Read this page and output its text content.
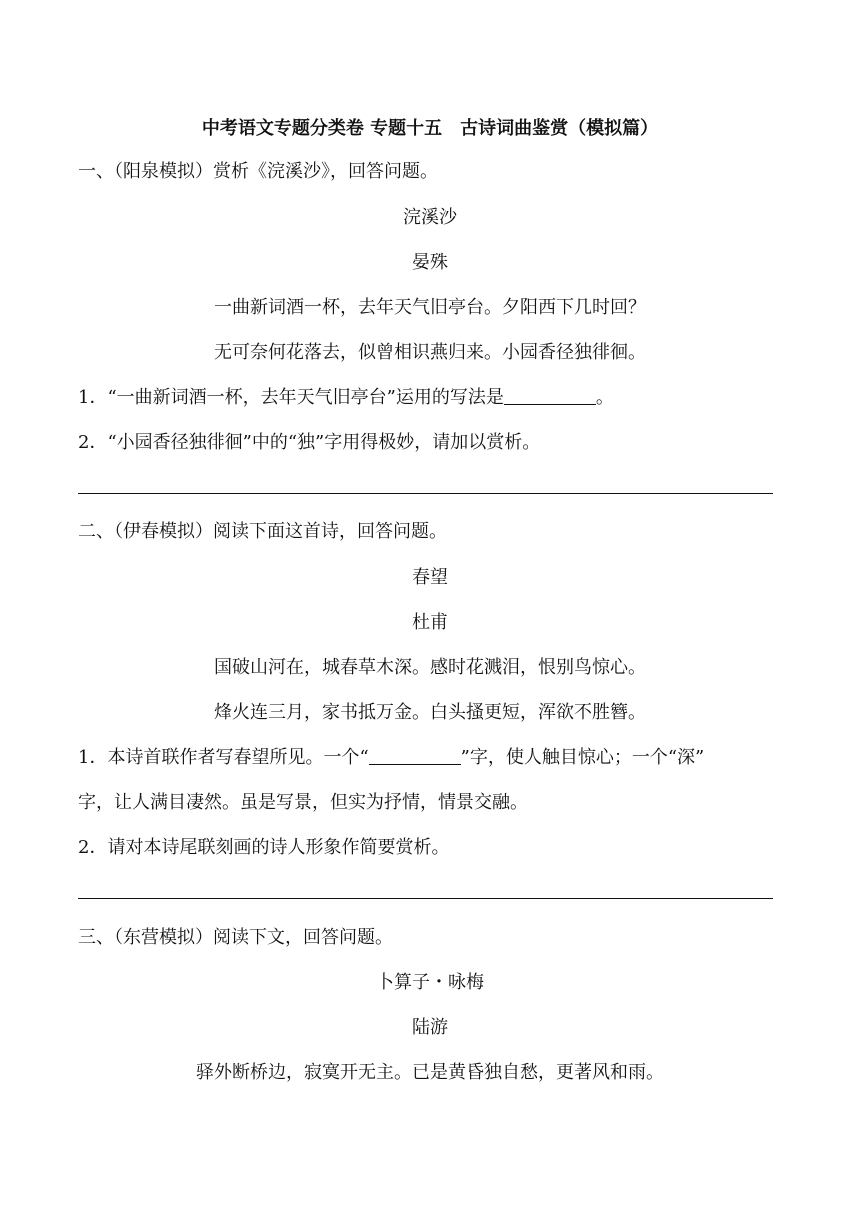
中考语文专题分类卷 专题十五　古诗词曲鉴赏（模拟篇）
一、（阳泉模拟）赏析《浣溪沙》，回答问题。
浣溪沙
晏殊
一曲新词酒一杯，去年天气旧亭台。夕阳西下几时回？
无可奈何花落去，似曾相识燕归来。小园香径独徘徊。
1．“一曲新词酒一杯，去年天气旧亭台”运用的写法是	。
2．“小园香径独徘徊”中的“独”字用得极妙，请加以赏析。
二、（伊春模拟）阅读下面这首诗，回答问题。
春望
杜甫
国破山河在，城春草木深。感时花溅泪，恨别鸟惊心。
烽火连三月，家书抵万金。白头搔更短，浑欲不胜簪。
1．本诗首联作者写春望所见。一个“	”字，使人触目惊心；一个“深”
字，让人满目凄然。虽是写景，但实为抒情，情景交融。
2．请对本诗尾联刻画的诗人形象作简要赏析。
三、（东营模拟）阅读下文，回答问题。
卜算子・咏梅
陆游
驿外断桥边，寂寞开无主。已是黄昏独自愁，更著风和雨。
